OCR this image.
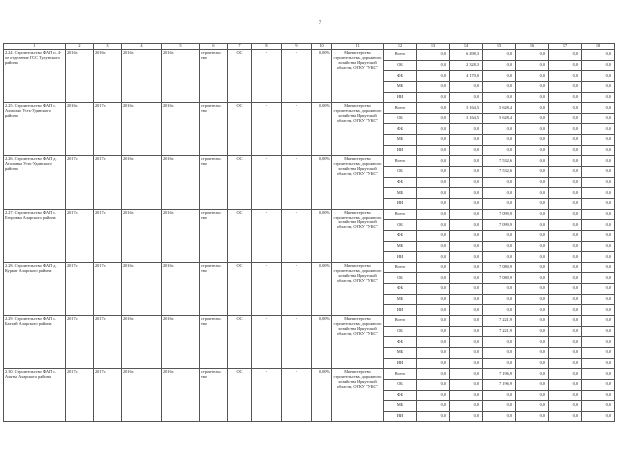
7
1	2	3	4	5	6	7	8	9	10	11	12	13	14	15	16	17	18
2.24. Строительство ФАП п. 4-ое отделение ГСС Тулунского района	2016г.	2016г.	2016г.	2016г.	строительс тво	ОС	-	-	0,00%	Министерство строительства, дорожного хозяйства Иркутской области, ОГКУ "УКС"	Всего	0,0	6 498,3	0,0	0,0	0,0	0,0
											ОБ	0,0	2 328,3	0,0	0,0	0,0	0,0
											ФБ	0,0	4 170,0	0,0	0,0	0,0	0,0
											МБ	0,0	0,0	0,0	0,0	0,0	0,0
											ИИ	0,0	0,0	0,0	0,0	0,0	0,0
2.25. Строительство ФАП с. Ахмоляо Усть-Удинского района	2016г.	2017г.	2016г.	2016г.	строительс тво	ОС	-	-	0,00%	Министерство строительства, дорожного хозяйства Иркутской области, ОГКУ "УКС"	Всего	0,0	3 164,5	5 628,4	0,0	0,0	0,0
											ОБ	0,0	3 164,5	5 628,4	0,0	0,0	0,0
											ФБ	0,0	0,0	0,0	0,0	0,0	0,0
											МБ	0,0	0,0	0,0	0,0	0,0	0,0
											ИИ	0,0	0,0	0,0	0,0	0,0	0,0
2.26. Строительство ФАП д. Аталанка Усть-Удинского района	2017г.	2017г.	2016г.	2016г.	строительс тво	ОС	-	-	0,00%	Министерство строительства, дорожного хозяйства Иркутской области, ОГКУ "УКС"	Всего	0,0	0,0	7 532,6	0,0	0,0	0,0
											ОБ	0,0	0,0	7 532,6	0,0	0,0	0,0
											ФБ	0,0	0,0	0,0	0,0	0,0	0,0
											МБ	0,0	0,0	0,0	0,0	0,0	0,0
											ИИ	0,0	0,0	0,0	0,0	0,0	0,0
2.27. Строительство ФАП с. Егоровка Аларского района	2017г.	2017г.	2016г.	2016г.	строительс тво	ОС	-	-	0,00%	Министерство строительства, дорожного хозяйства Иркутской области, ОГКУ "УКС"	Всего	0,0	0,0	7 099,9	0,0	0,0	0,0
											ОБ	0,0	0,0	7 099,9	0,0	0,0	0,0
											ФБ	0,0	0,0	0,0	0,0	0,0	0,0
											МБ	0,0	0,0	0,0	0,0	0,0	0,0
											ИИ	0,0	0,0	0,0	0,0	0,0	0,0
2.28. Строительство ФАП д. Куркат Аларского района	2017г.	2017г.	2016г.	2016г.	строительс тво	ОС	-	-	0,00%	Министерство строительства, дорожного хозяйства Иркутской области, ОГКУ "УКС"	Всего	0,0	0,0	7 080,9	0,0	0,0	0,0
											ОБ	0,0	0,0	7 080,9	0,0	0,0	0,0
											ФБ	0,0	0,0	0,0	0,0	0,0	0,0
											МБ	0,0	0,0	0,0	0,0	0,0	0,0
											ИИ	0,0	0,0	0,0	0,0	0,0	0,0
2.29. Строительство ФАП с. Бахтай Аларского района	2017г.	2017г.	2016г.	2016г.	строительс тво	ОС	-	-	0,00%	Министерство строительства, дорожного хозяйства Иркутской области, ОГКУ "УКС"	Всего	0,0	0,0	7 221,9	0,0	0,0	0,0
											ОБ	0,0	0,0	7 221,9	0,0	0,0	0,0
											ФБ	0,0	0,0	0,0	0,0	0,0	0,0
											МБ	0,0	0,0	0,0	0,0	0,0	0,0
											ИИ	0,0	0,0	0,0	0,0	0,0	0,0
2.30. Строительство ФАП с. Аляты Аларского района	2017г.	2017г.	2016г.	2016г.	строительс тво	ОС	-	-	0,00%	Министерство строительства, дорожного хозяйства Иркутской области, ОГКУ "УКС"	Всего	0,0	0,0	7 196,9	0,0	0,0	0,0
											ОБ	0,0	0,0	7 196,9	0,0	0,0	0,0
											ФБ	0,0	0,0	0,0	0,0	0,0	0,0
											МБ	0,0	0,0	0,0	0,0	0,0	0,0
											ИИ	0,0	0,0	0,0	0,0	0,0	0,0
